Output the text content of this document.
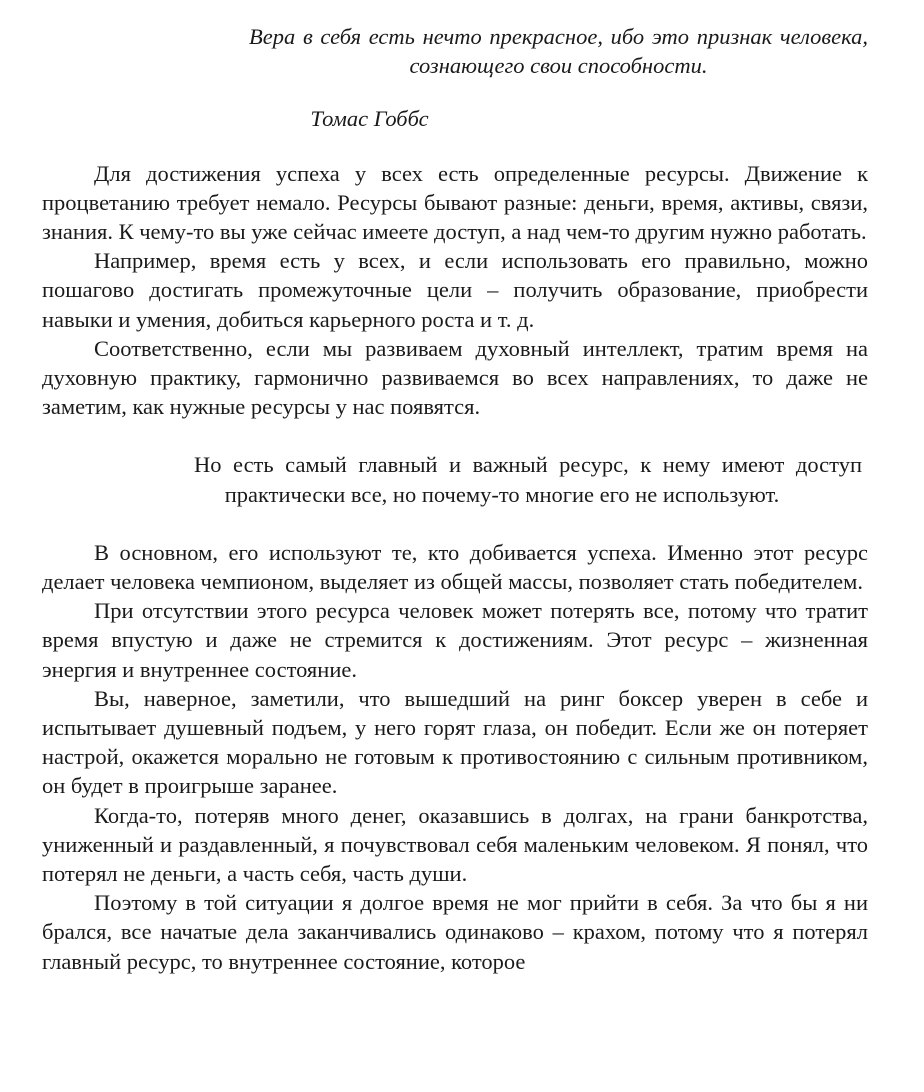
Вера в себя есть нечто прекрасное, ибо это признак человека, сознающего свои способности.
Томас Гоббс

Для достижения успеха у всех есть определенные ресурсы. Движение к процветанию требует немало. Ресурсы бывают разные: деньги, время, активы, связи, знания. К чему-то вы уже сейчас имеете доступ, а над чем-то другим нужно работать.

Например, время есть у всех, и если использовать его правильно, можно пошагово достигать промежуточные цели – получить образование, приобрести навыки и умения, добиться карьерного роста и т. д.

Соответственно, если мы развиваем духовный интеллект, тратим время на духовную практику, гармонично развиваемся во всех направлениях, то даже не заметим, как нужные ресурсы у нас появятся.

Но есть самый главный и важный ресурс, к нему имеют доступ практически все, но почему-то многие его не используют.

В основном, его используют те, кто добивается успеха. Именно этот ресурс делает человека чемпионом, выделяет из общей массы, позволяет стать победителем.

При отсутствии этого ресурса человек может потерять все, потому что тратит время впустую и даже не стремится к достижениям. Этот ресурс – жизненная энергия и внутреннее состояние.

Вы, наверное, заметили, что вышедший на ринг боксер уверен в себе и испытывает душевный подъем, у него горят глаза, он победит. Если же он потеряет настрой, окажется морально не готовым к противостоянию с сильным противником, он будет в проигрыше заранее.

Когда-то, потеряв много денег, оказавшись в долгах, на грани банкротства, униженный и раздавленный, я почувствовал себя маленьким человеком. Я понял, что потерял не деньги, а часть себя, часть души.

Поэтому в той ситуации я долгое время не мог прийти в себя. За что бы я ни брался, все начатые дела заканчивались одинаково – крахом, потому что я потерял главный ресурс, то внутреннее состояние, которое
